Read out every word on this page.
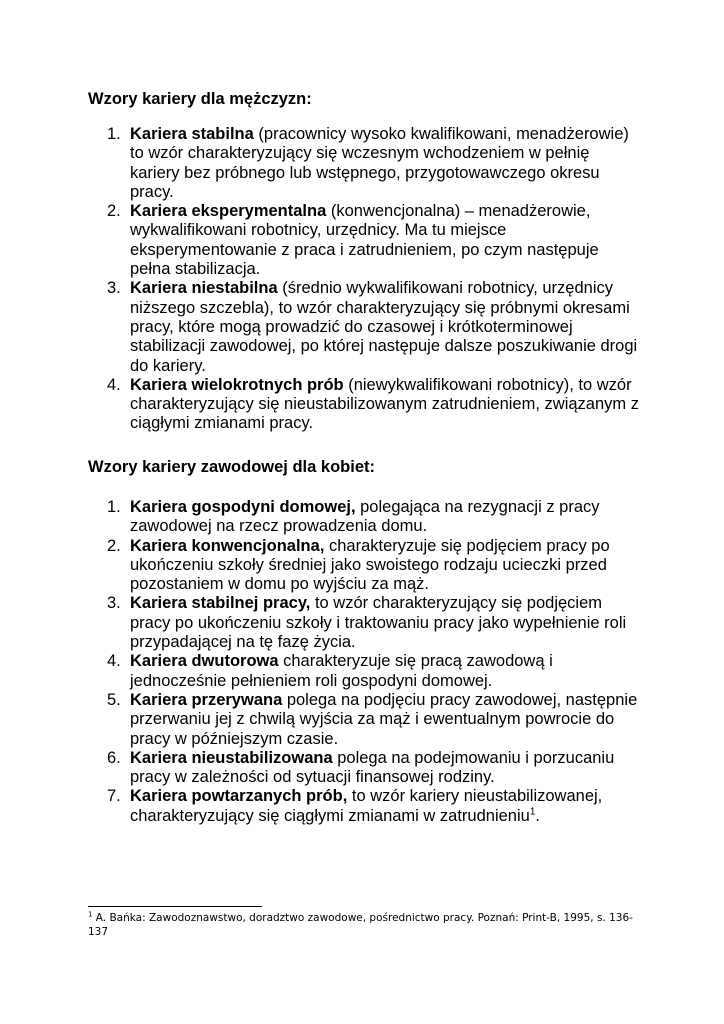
Wzory kariery dla mężczyzn:
1. Kariera stabilna (pracownicy wysoko kwalifikowani, menadżerowie) to wzór charakteryzujący się wczesnym wchodzeniem w pełnię kariery bez próbnego lub wstępnego, przygotowawczego okresu pracy.
2. Kariera eksperymentalna (konwencjonalna) – menadżerowie, wykwalifikowani robotnicy, urzędnicy. Ma tu miejsce eksperymentowanie z praca i zatrudnieniem, po czym następuje pełna stabilizacja.
3. Kariera niestabilna (średnio wykwalifikowani robotnicy, urzędnicy niższego szczebla), to wzór charakteryzujący się próbnymi okresami pracy, które mogą prowadzić do czasowej i krótkoterminowej stabilizacji zawodowej, po której następuje dalsze poszukiwanie drogi do kariery.
4. Kariera wielokrotnych prób (niewykwalifikowani robotnicy), to wzór charakteryzujący się nieustabilizowanym zatrudnieniem, związanym z ciągłymi zmianami pracy.
Wzory kariery zawodowej dla kobiet:
1. Kariera gospodyni domowej, polegająca na rezygnacji z pracy zawodowej na rzecz prowadzenia domu.
2. Kariera konwencjonalna, charakteryzuje się podjęciem pracy po ukończeniu szkoły średniej jako swoistego rodzaju ucieczki przed pozostaniem w domu po wyjściu za mąż.
3. Kariera stabilnej pracy, to wzór charakteryzujący się podjęciem pracy po ukończeniu szkoły i traktowaniu pracy jako wypełnienie roli przypadającej na tę fazę życia.
4. Kariera dwutorowa charakteryzuje się pracą zawodową i jednocześnie pełnieniem roli gospodyni domowej.
5. Kariera przerywana polega na podjęciu pracy zawodowej, następnie przerwaniu jej z chwilą wyjścia za mąż i ewentualnym powrocie do pracy w późniejszym czasie.
6. Kariera nieustabilizowana polega na podejmowaniu i porzucaniu pracy w zależności od sytuacji finansowej rodziny.
7. Kariera powtarzanych prób, to wzór kariery nieustabilizowanej, charakteryzujący się ciągłymi zmianami w zatrudnieniu$^1$.
$^1$ A. Bańka: Zawodoznawstwo, doradztwo zawodowe, pośrednictwo pracy. Poznań: Print-B, 1995, s. 136-137
